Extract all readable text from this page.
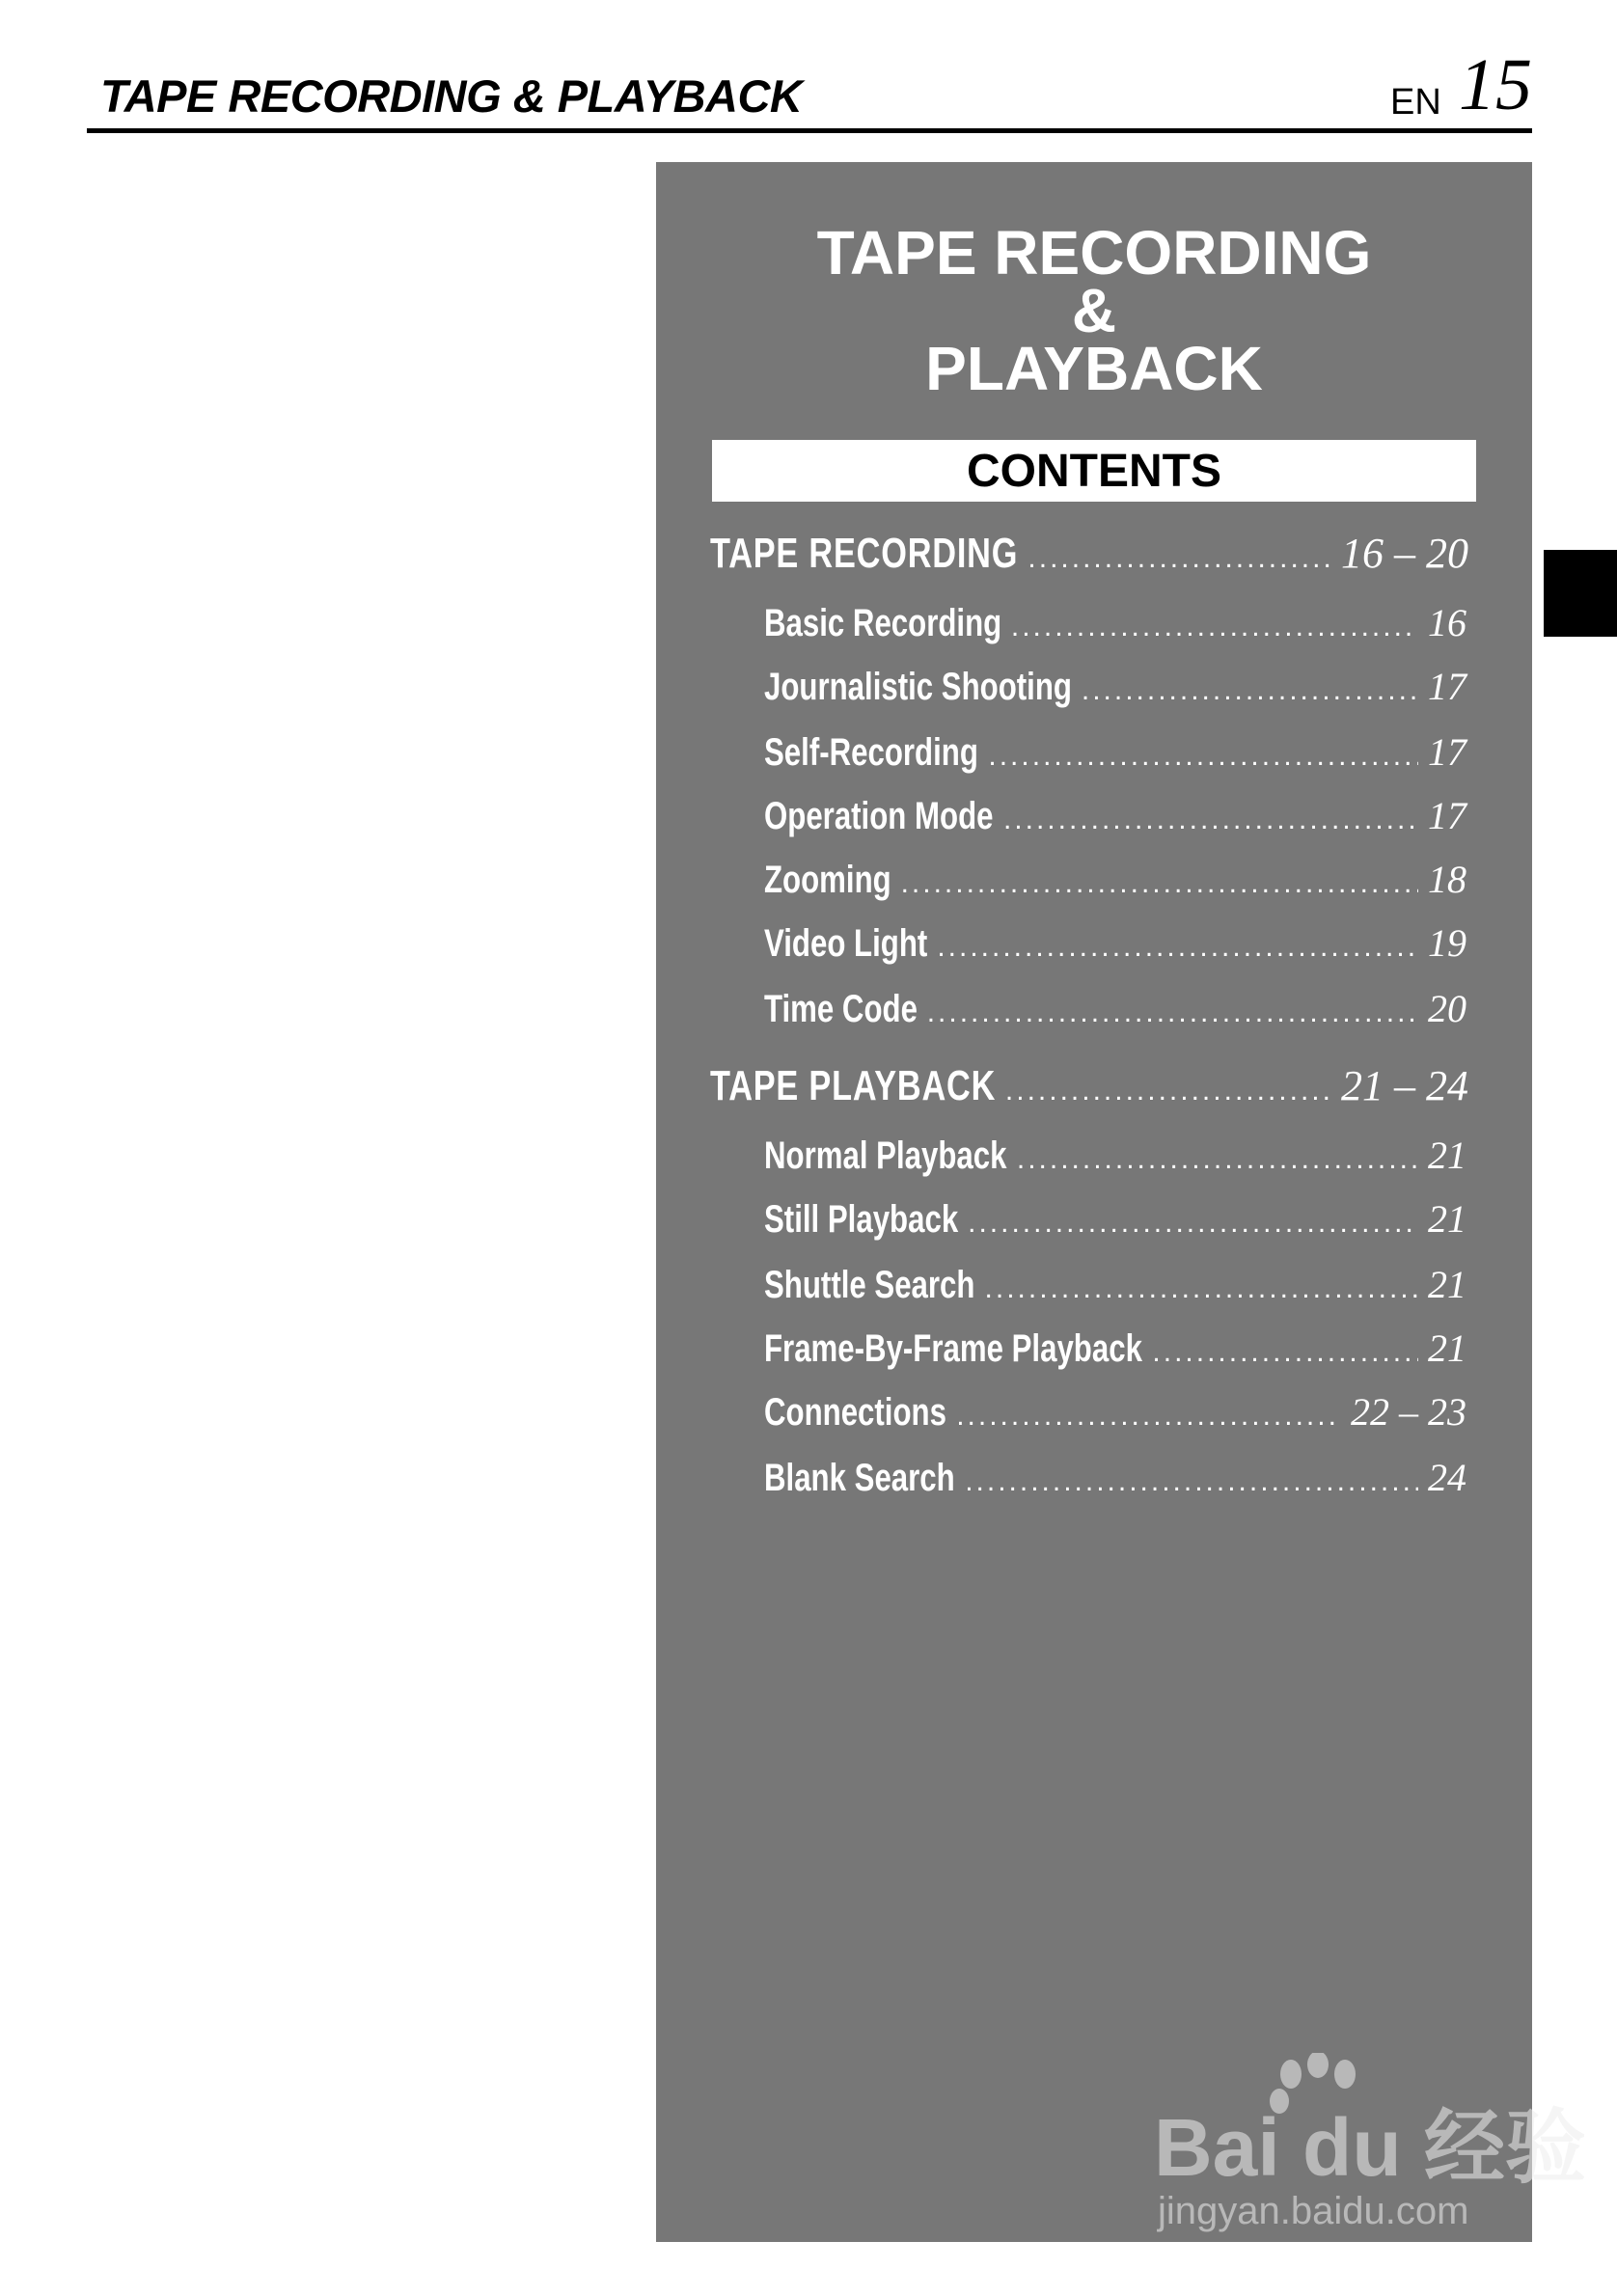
TAPE RECORDING & PLAYBACK	EN 15
TAPE RECORDING
&
PLAYBACK
CONTENTS
TAPE RECORDING .....	16 – 20
Basic Recording .....	16
Journalistic Shooting .....	17
Self-Recording .....	17
Operation Mode .....	17
Zooming .....	18
Video Light .....	19
Time Code .....	20
TAPE PLAYBACK .....	21 – 24
Normal Playback .....	21
Still Playback .....	21
Shuttle Search .....	21
Frame-By-Frame Playback .....	21
Connections .....	22 – 23
Blank Search .....	24
Bai du 经验
jingyan.baidu.com
